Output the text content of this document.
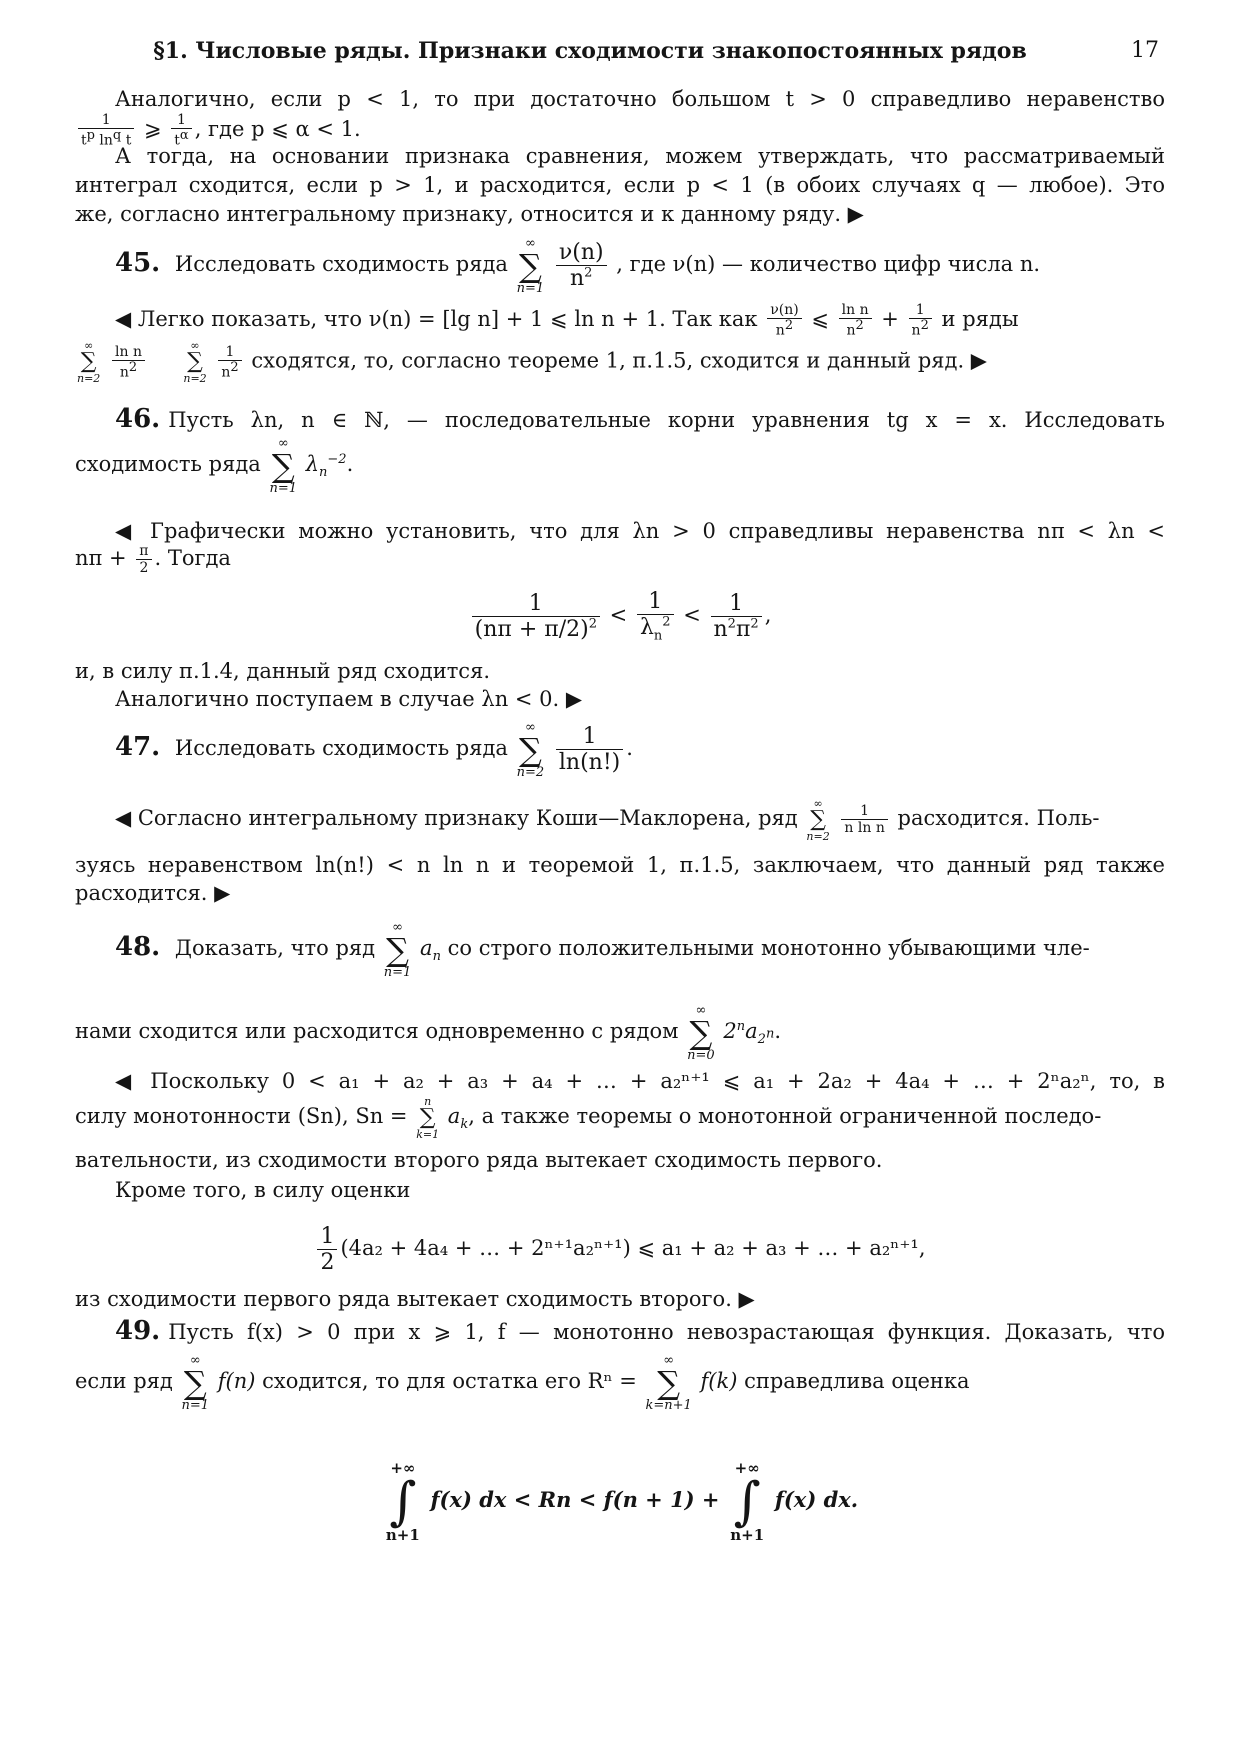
§1. Числовые ряды. Признаки сходимости знакопостоянных рядов	17
Аналогично, если p < 1, то при достаточно большом t > 0 справедливо неравенство
$\frac{1}{t^p \ln^q t}$ ⩾ $\frac{1}{t^\alpha}$ , где p ⩽ α < 1.
А тогда, на основании признака сравнения, можем утверждать, что рассматриваемый
интеграл сходится, если p > 1, и расходится, если p < 1 (в обоих случаях q — любое). Это
же, согласно интегральному признаку, относится и к данному ряду. ▶
45. Исследовать сходимость ряда
∞
∑
n=1
$\frac{\nu(n)}{n^2}$ , где ν(n) — количество цифр числа n.
◀ Легко показать, что ν(n) = [lg n] + 1 ⩽ ln n + 1. Так как $\frac{\nu(n)}{n^2}$ ⩽ $\frac{\text{ln n}}{n^2} + \frac{1}{n^2}$ и ряды
∞
∑
n=2
$\frac{\text{ln n}}{n^2}$
	∞
∑
n=2
$\frac{1}{n^2}$ сходятся, то, согласно теореме 1, п.1.5, сходится и данный ряд. ▶
46. Пусть λn, n ∈ ℕ, — последовательные корни уравнения tg x = x. Исследовать
сходимость ряда
∞
∑
n=1
$\lambda_n^{-2}$.
◀ Графически можно установить, что для λn > 0 справедливы неравенства nπ < λn <
$n\pi + \frac{\pi}{2}$ . Тогда
$\frac{1}{(n\pi + \pi/2)^2} < \frac{1}{\lambda_n^2} < \frac{1}{n^2\pi^2}$ ,
и, в силу п.1.4, данный ряд сходится.
Аналогично поступаем в случае λn < 0. ▶
47. Исследовать сходимость ряда
∞
∑
n=2
$\frac{1}{\ln(n!)}$ .
◀ Согласно интегральному признаку Коши—Маклорена, ряд
∞
∑
n=2
$\frac{1}{\text{n ln n}}$ расходится. Поль-
зуясь неравенством ln(n!) < n ln n и теоремой 1, п.1.5, заключаем, что данный ряд также
расходится. ▶
48. Доказать, что ряд
∞
∑
n=1
$a_n$ со строго положительными монотонно убывающими чле-
нами сходится или расходится одновременно с рядом
∞
∑
n=0
$2^na_{2^n}$.
◀ Поскольку 0 < a₁ + a₂ + a₃ + a₄ + … + a₂ⁿ⁺¹ ⩽ a₁ + 2a₂ + 4a₄ + … + 2ⁿa₂ⁿ, то, в
силу монотонности (Sn), Sn =
n
∑
k=1
$a_k$, а также теоремы о монотонной ограниченной последо-
вательности, из сходимости второго ряда вытекает сходимость первого.
Кроме того, в силу оценки
$\frac{1}{2} (4a_2 + 4a_4$ + … + 2ⁿ⁺¹a₂ⁿ⁺¹) ⩽ a₁ + a₂ + a₃ + … + a₂ⁿ⁺¹,
из сходимости первого ряда вытекает сходимость второго. ▶
49. Пусть f(x) > 0 при x ⩾ 1, f — монотонно невозрастающая функция. Доказать, что
если ряд
∞
∑
n=1
f(n) сходится, то для остатка его Rⁿ =
∞
∑
k=n+1
f(k) справедлива оценка
+∞
∫
n+1
f(x) dx < Rn < f(n + 1) +
+∞
∫
n+1
f(x) dx.
